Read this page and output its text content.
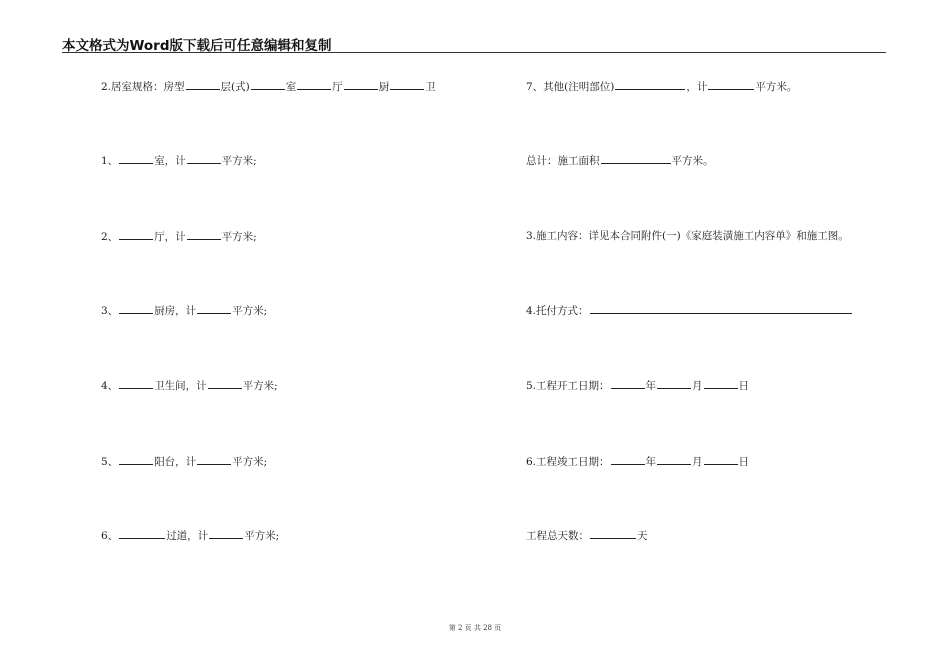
本文格式为Word版下载后可任意编辑和复制
2.居室规格：房型	层(式)	室	厅	厨	卫
1、	室，计	平方米;
2、	厅，计	平方米;
3、	厨房，计	平方米;
4、	卫生间，计	平方米;
5、	阳台，计	平方米;
6、	过道，计	平方米;
7、其他(注明部位)	，计	平方米。
总计：施工面积	平方米。
3.施工内容：详见本合同附件(一)《家庭装潢施工内容单》和施工图。
4.托付方式：
5.工程开工日期：	年	月	日
6.工程竣工日期：	年	月	日
工程总天数：	天
第 2 页 共 28 页
